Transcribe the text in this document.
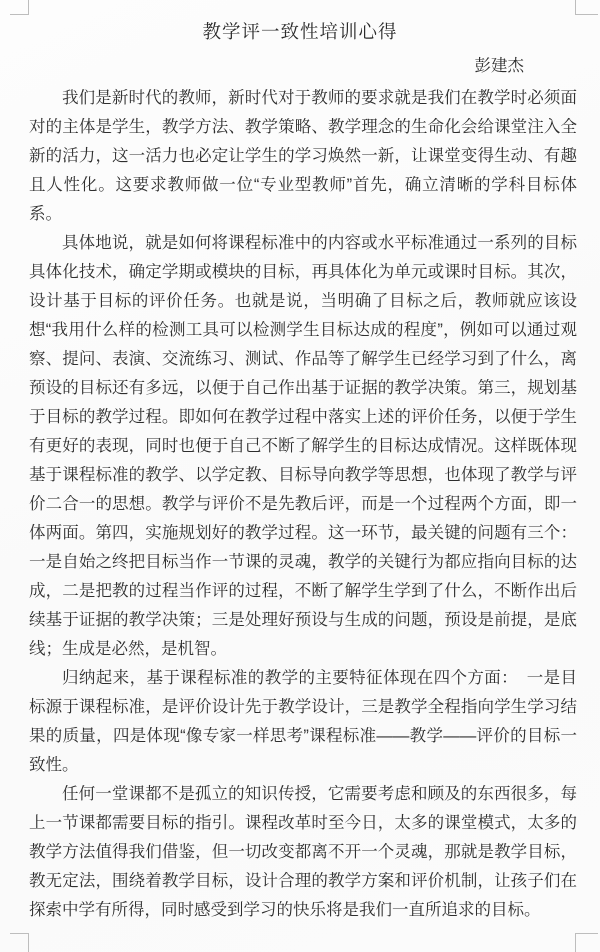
教学评一致性培训心得
彭建杰

我们是新时代的教师，新时代对于教师的要求就是我们在教学时必须面对的主体是学生，教学方法、教学策略、教学理念的生命化会给课堂注入全新的活力，这一活力也必定让学生的学习焕然一新，让课堂变得生动、有趣且人性化。这要求教师做一位“专业型教师”首先，确立清晰的学科目标体系。

具体地说，就是如何将课程标准中的内容或水平标准通过一系列的目标具体化技术，确定学期或模块的目标，再具体化为单元或课时目标。其次，设计基于目标的评价任务。也就是说，当明确了目标之后，教师就应该设想“我用什么样的检测工具可以检测学生目标达成的程度”，例如可以通过观察、提问、表演、交流练习、测试、作品等了解学生已经学习到了什么，离预设的目标还有多远，以便于自己作出基于证据的教学决策。第三，规划基于目标的教学过程。即如何在教学过程中落实上述的评价任务，以便于学生有更好的表现，同时也便于自己不断了解学生的目标达成情况。这样既体现基于课程标准的教学、以学定教、目标导向教学等思想，也体现了教学与评价二合一的思想。教学与评价不是先教后评，而是一个过程两个方面，即一体两面。第四，实施规划好的教学过程。这一环节，最关键的问题有三个：一是自始之终把目标当作一节课的灵魂，教学的关键行为都应指向目标的达成，二是把教的过程当作评的过程，不断了解学生学到了什么，不断作出后续基于证据的教学决策；三是处理好预设与生成的问题，预设是前提，是底线；生成是必然，是机智。

归纳起来，基于课程标准的教学的主要特征体现在四个方面：　一是目标源于课程标准，是评价设计先于教学设计，三是教学全程指向学生学习结果的质量，四是体现“像专家一样思考”课程标准——教学——评价的目标一致性。

任何一堂课都不是孤立的知识传授，它需要考虑和顾及的东西很多，每上一节课都需要目标的指引。课程改革时至今日，太多的课堂模式，太多的教学方法值得我们借鉴，但一切改变都离不开一个灵魂，那就是教学目标，教无定法，围绕着教学目标，设计合理的教学方案和评价机制，让孩子们在探索中学有所得，同时感受到学习的快乐将是我们一直所追求的目标。
